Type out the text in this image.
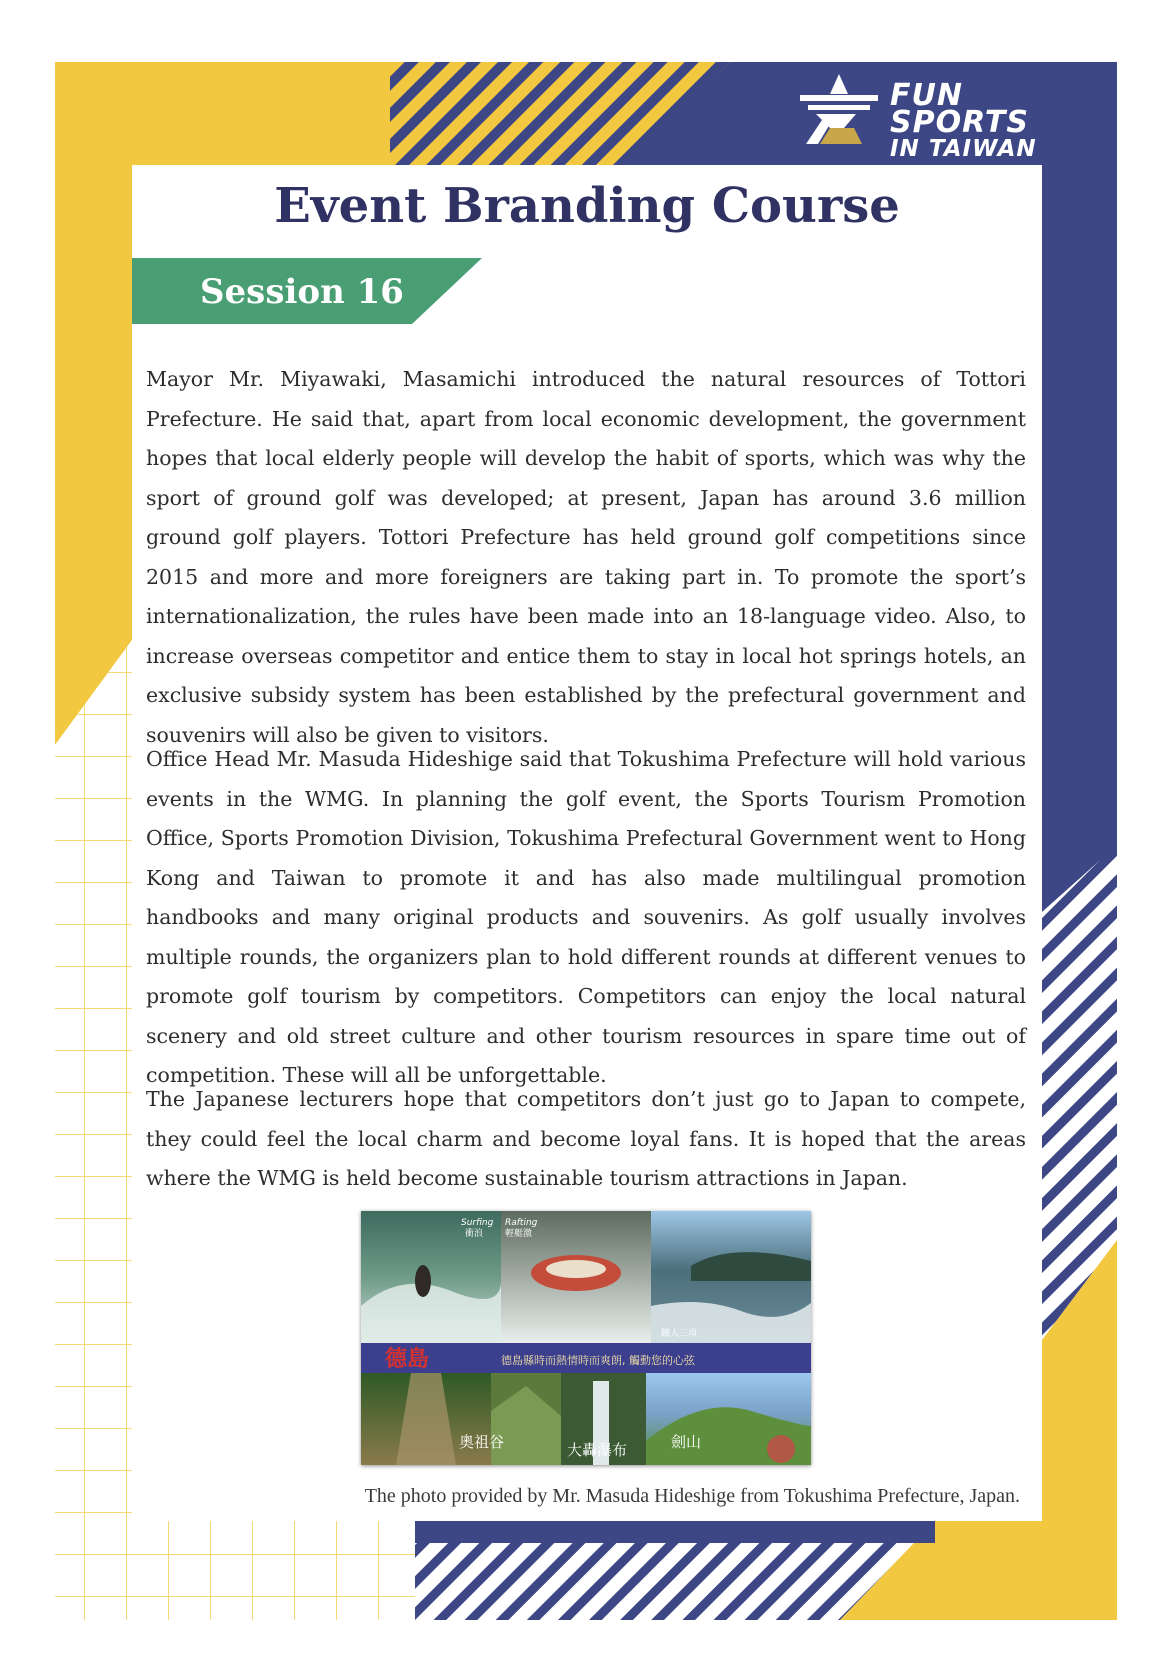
FUN SPORTS
IN TAIWAN
Event Branding Course
Session 16

Mayor Mr. Miyawaki, Masamichi introduced the natural resources of Tottori Prefecture. He said that, apart from local economic development, the government hopes that local elderly people will develop the habit of sports, which was why the sport of ground golf was developed; at present, Japan has around 3.6 million ground golf players. Tottori Prefecture has held ground golf competitions since 2015 and more and more foreigners are taking part in. To promote the sport’s internationalization, the rules have been made into an 18-language video. Also, to increase overseas competitor and entice them to stay in local hot springs hotels, an exclusive subsidy system has been established by the prefectural government and souvenirs will also be given to visitors.

Office Head Mr. Masuda Hideshige said that Tokushima Prefecture will hold various events in the WMG. In planning the golf event, the Sports Tourism Promotion Office, Sports Promotion Division, Tokushima Prefectural Government went to Hong Kong and Taiwan to promote it and has also made multilingual promotion handbooks and many original products and souvenirs. As golf usually involves multiple rounds, the organizers plan to hold different rounds at different venues to promote golf tourism by competitors. Competitors can enjoy the local natural scenery and old street culture and other tourism resources in spare time out of competition. These will all be unforgettable.

The Japanese lecturers hope that competitors don’t just go to Japan to compete, they could feel the local charm and become loyal fans. It is hoped that the areas where the WMG is held become sustainable tourism attractions in Japan.

Surfing
衝浪
Rafting
輕艇激
鐵人三項
德島	德島縣時而熱情時而爽朗, 觸動您的心弦
奧祖谷	大轟瀑布	劍山
The photo provided by Mr. Masuda Hideshige from Tokushima Prefecture, Japan.
